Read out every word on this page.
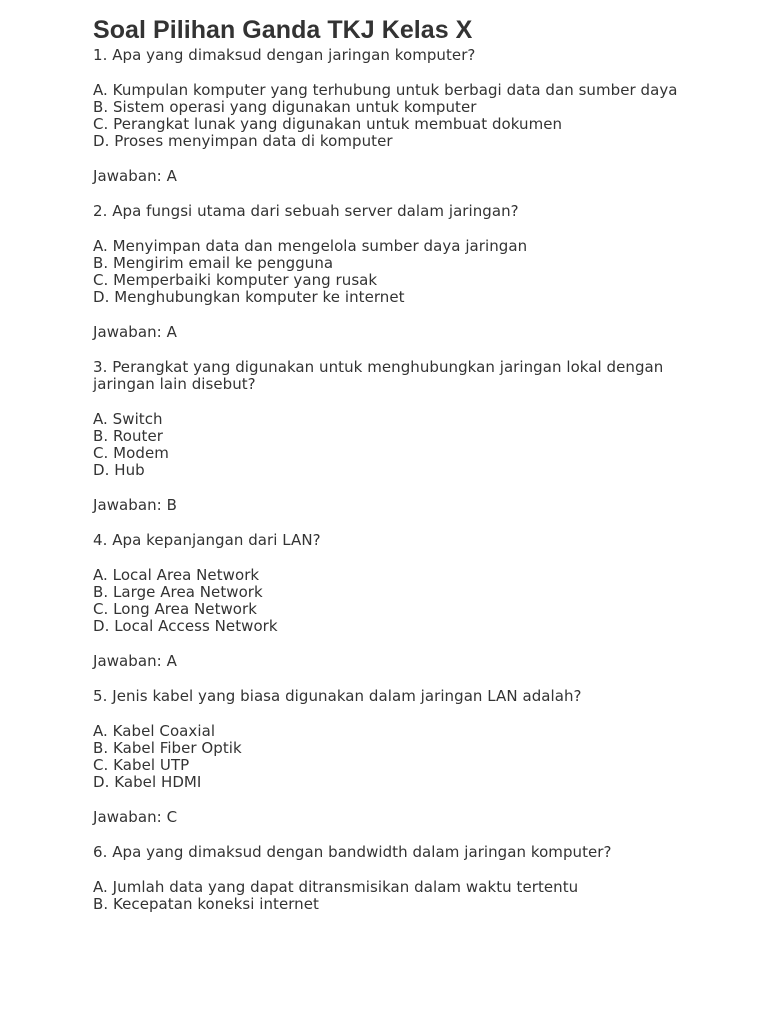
Soal Pilihan Ganda TKJ Kelas X

1. Apa yang dimaksud dengan jaringan komputer?

A. Kumpulan komputer yang terhubung untuk berbagi data dan sumber daya
B. Sistem operasi yang digunakan untuk komputer
C. Perangkat lunak yang digunakan untuk membuat dokumen
D. Proses menyimpan data di komputer

Jawaban: A

2. Apa fungsi utama dari sebuah server dalam jaringan?

A. Menyimpan data dan mengelola sumber daya jaringan
B. Mengirim email ke pengguna
C. Memperbaiki komputer yang rusak
D. Menghubungkan komputer ke internet

Jawaban: A

3. Perangkat yang digunakan untuk menghubungkan jaringan lokal dengan jaringan lain disebut?

A. Switch
B. Router
C. Modem
D. Hub

Jawaban: B

4. Apa kepanjangan dari LAN?

A. Local Area Network
B. Large Area Network
C. Long Area Network
D. Local Access Network

Jawaban: A

5. Jenis kabel yang biasa digunakan dalam jaringan LAN adalah?

A. Kabel Coaxial
B. Kabel Fiber Optik
C. Kabel UTP
D. Kabel HDMI

Jawaban: C

6. Apa yang dimaksud dengan bandwidth dalam jaringan komputer?

A. Jumlah data yang dapat ditransmisikan dalam waktu tertentu
B. Kecepatan koneksi internet
